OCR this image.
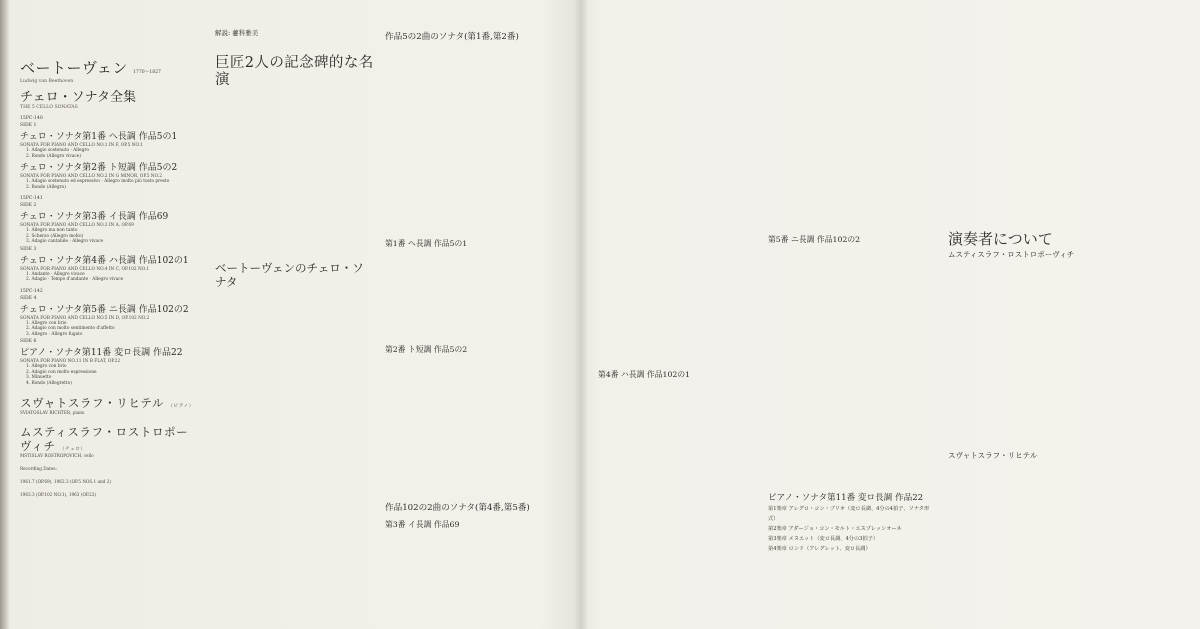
ベートーヴェン 1770〜1827
Ludwig van Beethoven
チェロ・ソナタ全集
THE 5 CELLO SONATAS
15PC-140
SIDE 1
チェロ・ソナタ第1番 ヘ長調 作品5の1
SONATA FOR PIANO AND CELLO NO.1 IN F, OP.5 NO.1
1. Adagio sostenuto · Allegro
2. Rondo (Allegro vivace)
チェロ・ソナタ第2番 ト短調 作品5の2
SONATA FOR PIANO AND CELLO NO.2 IN G MINOR, OP.5 NO.2
1. Adagio sostenuto ed espressivo · Allegro molto più tosto presto
2. Rondo (Allegro)
15PC-141
SIDE 2
チェロ・ソナタ第3番 イ長調 作品69
SONATA FOR PIANO AND CELLO NO.3 IN A, OP.69
1. Allegro ma non tanto
2. Scherzo (Allegro molto)
3. Adagio cantabile · Allegro vivace
SIDE 3
チェロ・ソナタ第4番 ハ長調 作品102の1
SONATA FOR PIANO AND CELLO NO.4 IN C, OP.102 NO.1
1. Andante · Allegro vivace
2. Adagio · Tempo d'andante · Allegro vivace
15PC-142
SIDE 4
チェロ・ソナタ第5番 ニ長調 作品102の2
SONATA FOR PIANO AND CELLO NO.5 IN D, OP.102 NO.2
1. Allegro con brio
2. Adagio con molto sentimento d'affetto
3. Allegro · Allegro fugato
SIDE 6
ピアノ・ソナタ第11番 変ロ長調 作品22
SONATA FOR PIANO NO.11 IN B FLAT, OP.22
1. Allegro con brio
2. Adagio con molto espressione
3. Minuetto
4. Rondo (Allegretto)
スヴャトスラフ・リヒテル （ピアノ）
SVIATOSLAV RICHTER, piano
ムスティスラフ・ロストロポーヴィチ （チェロ）
MSTISLAV ROSTROPOVICH, cello
Recording Dates:
1961.7 (OP.69), 1962.3 (OP.5 NOS.1 and 2)
1963.3 (OP.102 NO.1), 1963 (OP.22)
解説: 薹科雅美
巨匠2人の記念碑的な名演
ベートーヴェンのチェロ・ソナタ
作品5の2曲のソナタ(第1番,第2番)
第1番 ヘ長調 作品5の1
第2番 ト短調 作品5の2
作品102の2曲のソナタ(第4番,第5番)
第3番 イ長調 作品69
第4番 ハ長調 作品102の1
第5番 ニ長調 作品102の2
ピアノ・ソナタ第11番 変ロ長調 作品22
第1楽章 アレグロ・コン・ブリオ（変ロ長調、4分の4拍子、ソナタ形式）
第2楽章 アダージョ・コン・モルト・エスプレッシオーネ
第3楽章 メヌエット（変ロ長調、4分の3拍子）
第4楽章 ロンド（アレグレット、変ロ長調）
演奏者について
ムスティスラフ・ロストロポーヴィチ
スヴャトスラフ・リヒテル
